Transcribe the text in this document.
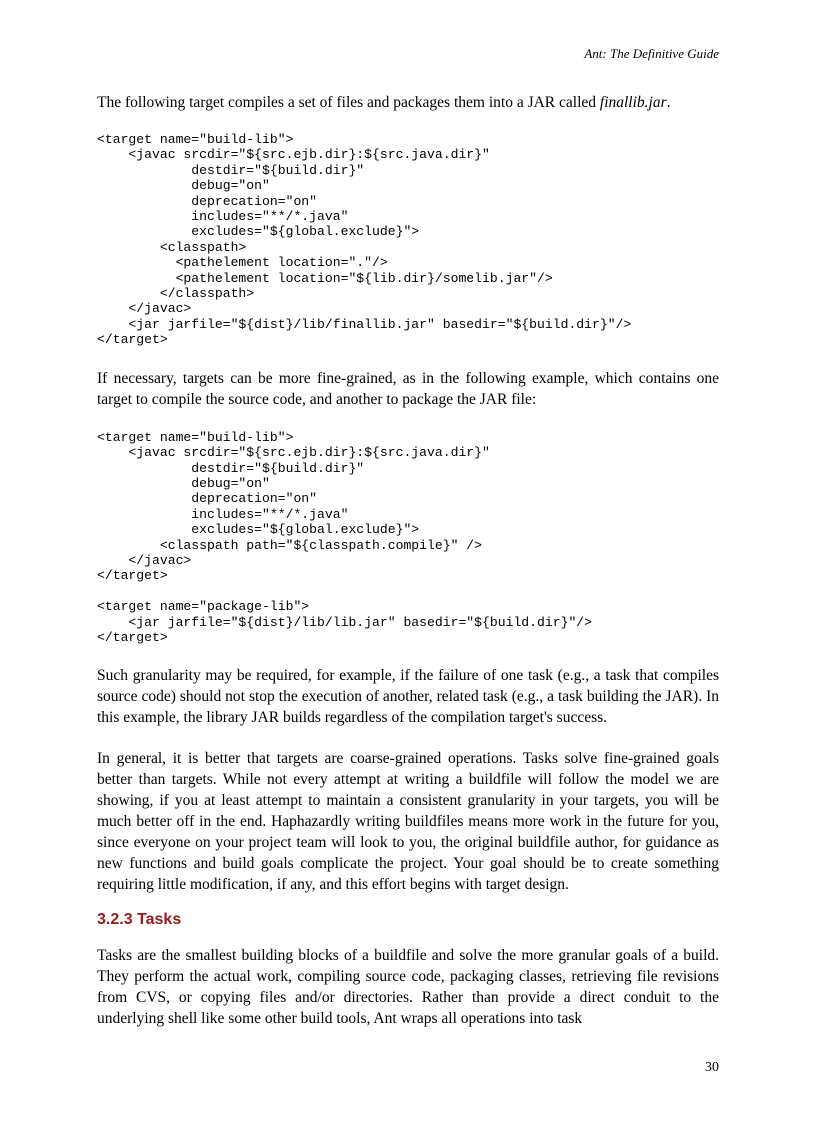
Ant: The Definitive Guide

The following target compiles a set of files and packages them into a JAR called finallib.jar.

<target name="build-lib">
<javac srcdir="${src.ejb.dir}:${src.java.dir}"
destdir="${build.dir}"
debug="on"
deprecation="on"
includes="**/*.java"
excludes="${global.exclude}">
<classpath>
<pathelement location="."/>
<pathelement location="${lib.dir}/somelib.jar"/>
</classpath>
</javac>
<jar jarfile="${dist}/lib/finallib.jar" basedir="${build.dir}"/>
</target>

If necessary, targets can be more fine-grained, as in the following example, which contains one target to compile the source code, and another to package the JAR file:

<target name="build-lib">
<javac srcdir="${src.ejb.dir}:${src.java.dir}"
destdir="${build.dir}"
debug="on"
deprecation="on"
includes="**/*.java"
excludes="${global.exclude}">
<classpath path="${classpath.compile}" />
</javac>
</target>

<target name="package-lib">
<jar jarfile="${dist}/lib/lib.jar" basedir="${build.dir}"/>
</target>

Such granularity may be required, for example, if the failure of one task (e.g., a task that compiles source code) should not stop the execution of another, related task (e.g., a task building the JAR). In this example, the library JAR builds regardless of the compilation target's success.

In general, it is better that targets are coarse-grained operations. Tasks solve fine-grained goals better than targets. While not every attempt at writing a buildfile will follow the model we are showing, if you at least attempt to maintain a consistent granularity in your targets, you will be much better off in the end. Haphazardly writing buildfiles means more work in the future for you, since everyone on your project team will look to you, the original buildfile author, for guidance as new functions and build goals complicate the project. Your goal should be to create something requiring little modification, if any, and this effort begins with target design.

3.2.3 Tasks

Tasks are the smallest building blocks of a buildfile and solve the more granular goals of a build. They perform the actual work, compiling source code, packaging classes, retrieving file revisions from CVS, or copying files and/or directories. Rather than provide a direct conduit to the underlying shell like some other build tools, Ant wraps all operations into task

30
